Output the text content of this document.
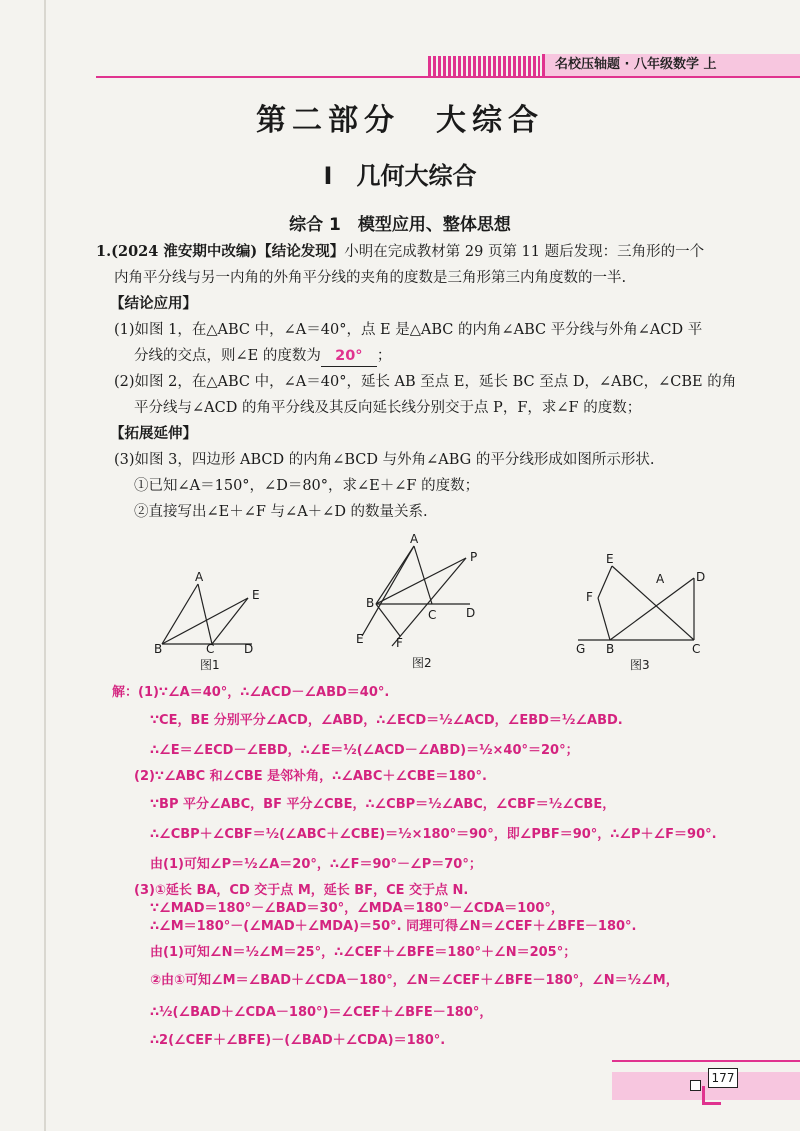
名校压轴题 · 八年级数学 上
第二部分　大综合
Ⅰ　几何大综合
综合 1　模型应用、整体思想
1.(2024 淮安期中改编)【结论发现】小明在完成教材第 29 页第 11 题后发现：三角形的一个
内角平分线与另一内角的外角平分线的夹角的度数是三角形第三内角度数的一半.
【结论应用】
(1)如图 1，在△ABC 中，∠A＝40°，点 E 是△ABC 的内角∠ABC 平分线与外角∠ACD 平
分线的交点，则∠E 的度数为 20° ；
(2)如图 2，在△ABC 中，∠A＝40°，延长 AB 至点 E，延长 BC 至点 D，∠ABC，∠CBE 的角
平分线与∠ACD 的角平分线及其反向延长线分别交于点 P，F，求∠F 的度数；
【拓展延伸】
(3)如图 3，四边形 ABCD 的内角∠BCD 与外角∠ABG 的平分线形成如图所示形状.
①已知∠A＝150°，∠D＝80°，求∠E＋∠F 的度数；
②直接写出∠E＋∠F 与∠A＋∠D 的数量关系.
A
E
B	C D
图1
A
P
B
C
E
D
F
图2
E
A	D
F
G B	C
图3
解：(1)∵∠A＝40°，∴∠ACD－∠ABD＝40°.
∵CE，BE 分别平分∠ACD，∠ABD，∴∠ECD＝½∠ACD，∠EBD＝½∠ABD.
∴∠E＝∠ECD－∠EBD，∴∠E＝½(∠ACD－∠ABD)＝½×40°＝20°；
(2)∵∠ABC 和∠CBE 是邻补角，∴∠ABC＋∠CBE＝180°.
∵BP 平分∠ABC，BF 平分∠CBE，∴∠CBP＝½∠ABC，∠CBF＝½∠CBE，
∴∠CBP＋∠CBF＝½(∠ABC＋∠CBE)＝½×180°＝90°，即∠PBF＝90°，∴∠P＋∠F＝90°.
由(1)可知∠P＝½∠A＝20°，∴∠F＝90°－∠P＝70°；
(3)①延长 BA，CD 交于点 M，延长 BF，CE 交于点 N.
∵∠MAD＝180°－∠BAD＝30°，∠MDA＝180°－∠CDA＝100°，
∴∠M＝180°－(∠MAD＋∠MDA)＝50°. 同理可得∠N＝∠CEF＋∠BFE－180°.
由(1)可知∠N＝½∠M＝25°，∴∠CEF＋∠BFE＝180°＋∠N＝205°；
②由①可知∠M＝∠BAD＋∠CDA－180°，∠N＝∠CEF＋∠BFE－180°，∠N＝½∠M，
∴½(∠BAD＋∠CDA－180°)＝∠CEF＋∠BFE－180°，
∴2(∠CEF＋∠BFE)－(∠BAD＋∠CDA)＝180°.
177
